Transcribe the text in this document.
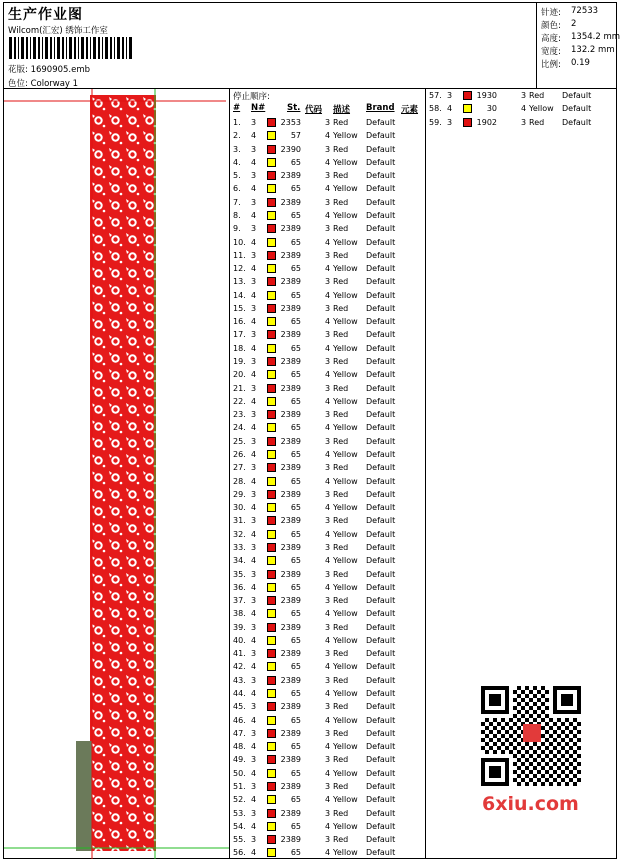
生产作业图
Wilcom(汇宏) 绣饰工作室
花版: 1690905.emb
色位: Colorway 1
针迹: 72533
颜色: 2
高度: 1354.2 mm
宽度: 132.2 mm
比例: 0.19
停止顺序:
# N#	St. 代码 描述 Brand 元素
1. 3	2353	3 Red Default
2. 4	57	4 Yellow Default
3. 3	2390	3 Red Default
4. 4	65	4 Yellow Default
5. 3	2389	3 Red Default
6. 4	65	4 Yellow Default
7. 3	2389	3 Red Default
8. 4	65	4 Yellow Default
9. 3	2389	3 Red Default
10. 4	65	4 Yellow Default
11. 3	2389	3 Red Default
12. 4	65	4 Yellow Default
13. 3	2389	3 Red Default
14. 4	65	4 Yellow Default
15. 3	2389	3 Red Default
16. 4	65	4 Yellow Default
17. 3	2389	3 Red Default
18. 4	65	4 Yellow Default
19. 3	2389	3 Red Default
20. 4	65	4 Yellow Default
21. 3	2389	3 Red Default
22. 4	65	4 Yellow Default
23. 3	2389	3 Red Default
24. 4	65	4 Yellow Default
25. 3	2389	3 Red Default
26. 4	65	4 Yellow Default
27. 3	2389	3 Red Default
28. 4	65	4 Yellow Default
29. 3	2389	3 Red Default
30. 4	65	4 Yellow Default
31. 3	2389	3 Red Default
32. 4	65	4 Yellow Default
33. 3	2389	3 Red Default
34. 4	65	4 Yellow Default
35. 3	2389	3 Red Default
36. 4	65	4 Yellow Default
37. 3	2389	3 Red Default
38. 4	65	4 Yellow Default
39. 3	2389	3 Red Default
40. 4	65	4 Yellow Default
41. 3	2389	3 Red Default
42. 4	65	4 Yellow Default
43. 3	2389	3 Red Default
44. 4	65	4 Yellow Default
45. 3	2389	3 Red Default
46. 4	65	4 Yellow Default
47. 3	2389	3 Red Default
48. 4	65	4 Yellow Default
49. 3	2389	3 Red Default
50. 4	65	4 Yellow Default
51. 3	2389	3 Red Default
52. 4	65	4 Yellow Default
53. 3	2389	3 Red Default
54. 4	65	4 Yellow Default
55. 3	2389	3 Red Default
56. 4	65	4 Yellow Default
57. 3	1930	3 Red Default
58. 4	30	4 Yellow Default
59. 3	1902	3 Red Default
6xiu.com
